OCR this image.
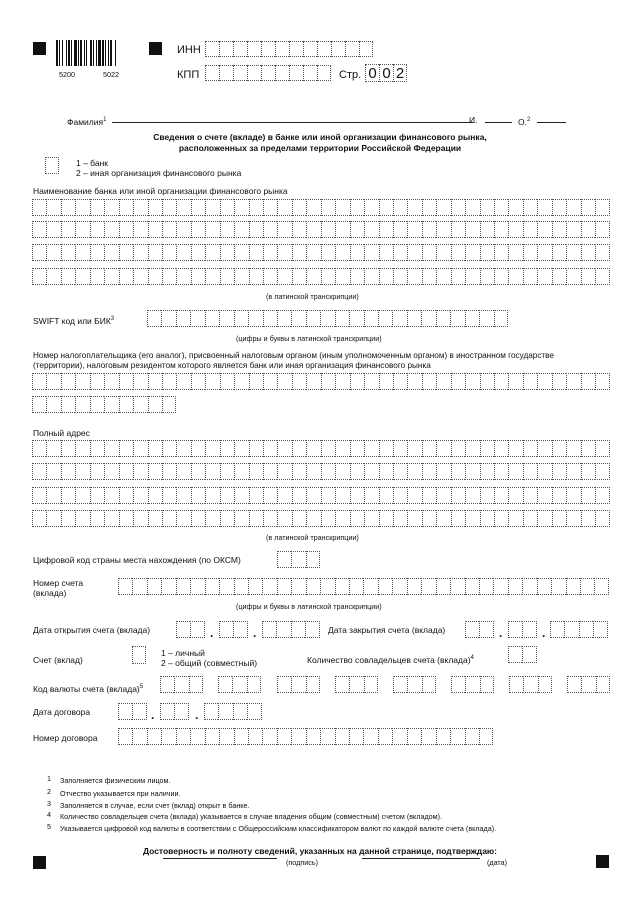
5200	5022
ИНН
КПП	Стр. 0 0 2
Фамилия$^1$	И.	О.$^2$
Сведения о счете (вкладе) в банке или иной организации финансового рынка,
расположенных за пределами территории Российской Федерации
1 – банк
2 – иная организация финансового рынка
Наименование банка или иной организации финансового рынка
(в латинской транскрипции)
SWIFT код или БИК$^3$
(цифры и буквы в латинской транскрипции)
Номер налогоплательщика (его аналог), присвоенный налоговым органом (иным уполномоченным органом) в иностранном государстве
(территории), налоговым резидентом которого является банк или иная организация финансового рынка
Полный адрес
(в латинской транскрипции)
Цифровой код страны места нахождения (по ОКСМ)
Номер счета
(вклада)
(цифры и буквы в латинской транскрипции)
Дата открытия счета (вклада)	.	.	Дата закрытия счета (вклада)	.	.
Счет (вклад)
1 – личный
2 – общий (совместный)	Количество совладельцев счета (вклада)$^4$
Код валюты счета (вклада)$^5$
Дата договора	.	.
Номер договора
1 Заполняется физическим лицом.
2 Отчество указывается при наличии.
3 Заполняется в случае, если счет (вклад) открыт в банке.
4 Количество совладельцев счета (вклада) указывается в случае владения общим (совместным) счетом (вкладом).
5 Указывается цифровой код валюты в соответствии с Общероссийским классификатором валют по каждой валюте счета (вклада).
Достоверность и полноту сведений, указанных на данной странице, подтверждаю:
(подпись)	(дата)
